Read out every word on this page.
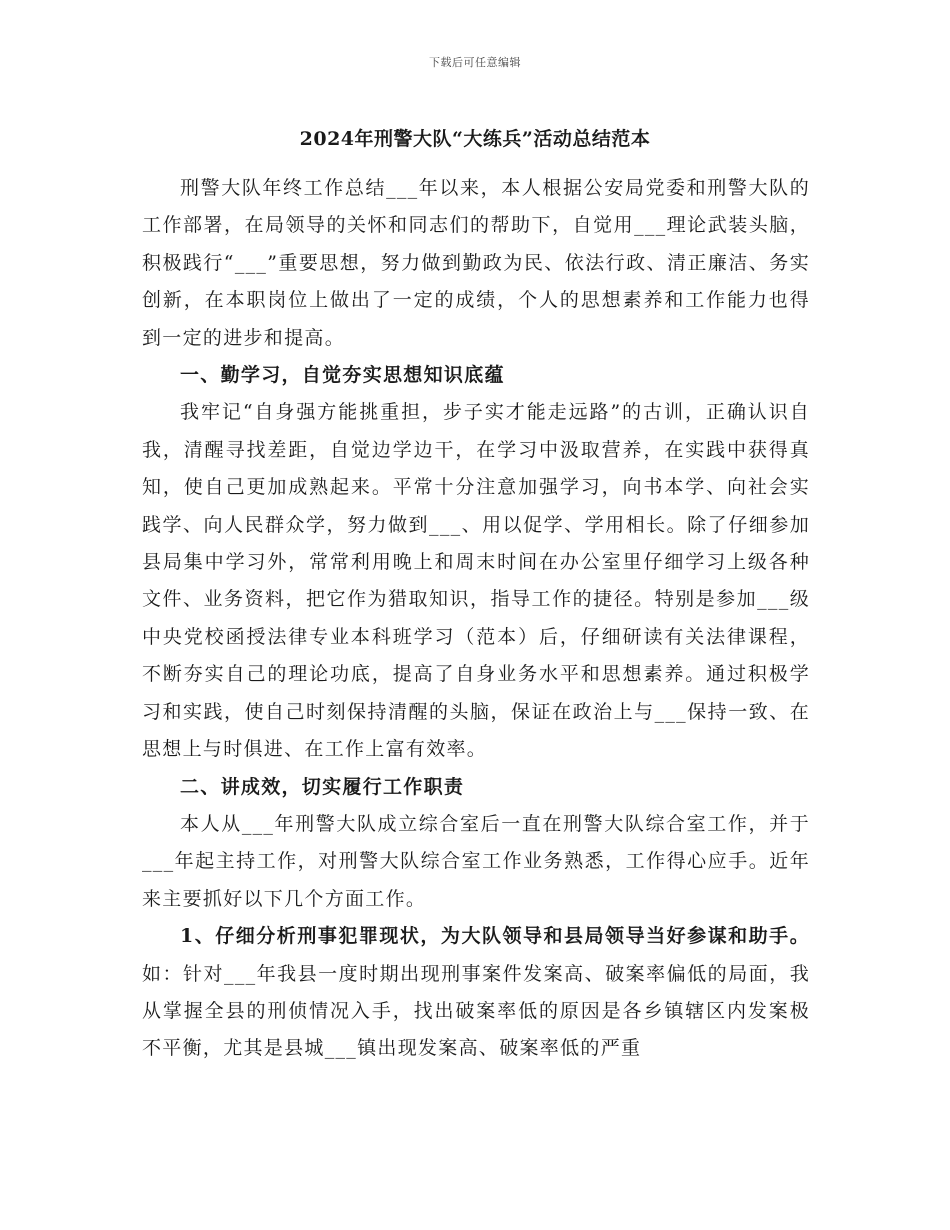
下载后可任意编辑
2024年刑警大队“大练兵”活动总结范本

刑警大队年终工作总结___年以来，本人根据公安局党委和刑警大队的工作部署，在局领导的关怀和同志们的帮助下，自觉用___理论武装头脑，积极践行“___”重要思想，努力做到勤政为民、依法行政、清正廉洁、务实创新，在本职岗位上做出了一定的成绩，个人的思想素养和工作能力也得到一定的进步和提高。

一、勤学习，自觉夯实思想知识底蕴

我牢记“自身强方能挑重担，步子实才能走远路”的古训，正确认识自我，清醒寻找差距，自觉边学边干，在学习中汲取营养，在实践中获得真知，使自己更加成熟起来。平常十分注意加强学习，向书本学、向社会实践学、向人民群众学，努力做到___、用以促学、学用相长。除了仔细参加县局集中学习外，常常利用晚上和周末时间在办公室里仔细学习上级各种文件、业务资料，把它作为猎取知识，指导工作的捷径。特别是参加___级中央党校函授法律专业本科班学习（范本）后，仔细研读有关法律课程，不断夯实自己的理论功底，提高了自身业务水平和思想素养。通过积极学习和实践，使自己时刻保持清醒的头脑，保证在政治上与___保持一致、在思想上与时俱进、在工作上富有效率。

二、讲成效，切实履行工作职责

本人从___年刑警大队成立综合室后一直在刑警大队综合室工作，并于___年起主持工作，对刑警大队综合室工作业务熟悉，工作得心应手。近年来主要抓好以下几个方面工作。

1、仔细分析刑事犯罪现状，为大队领导和县局领导当好参谋和助手。如：针对___年我县一度时期出现刑事案件发案高、破案率偏低的局面，我从掌握全县的刑侦情况入手，找出破案率低的原因是各乡镇辖区内发案极不平衡，尤其是县城___镇出现发案高、破案率低的严重
